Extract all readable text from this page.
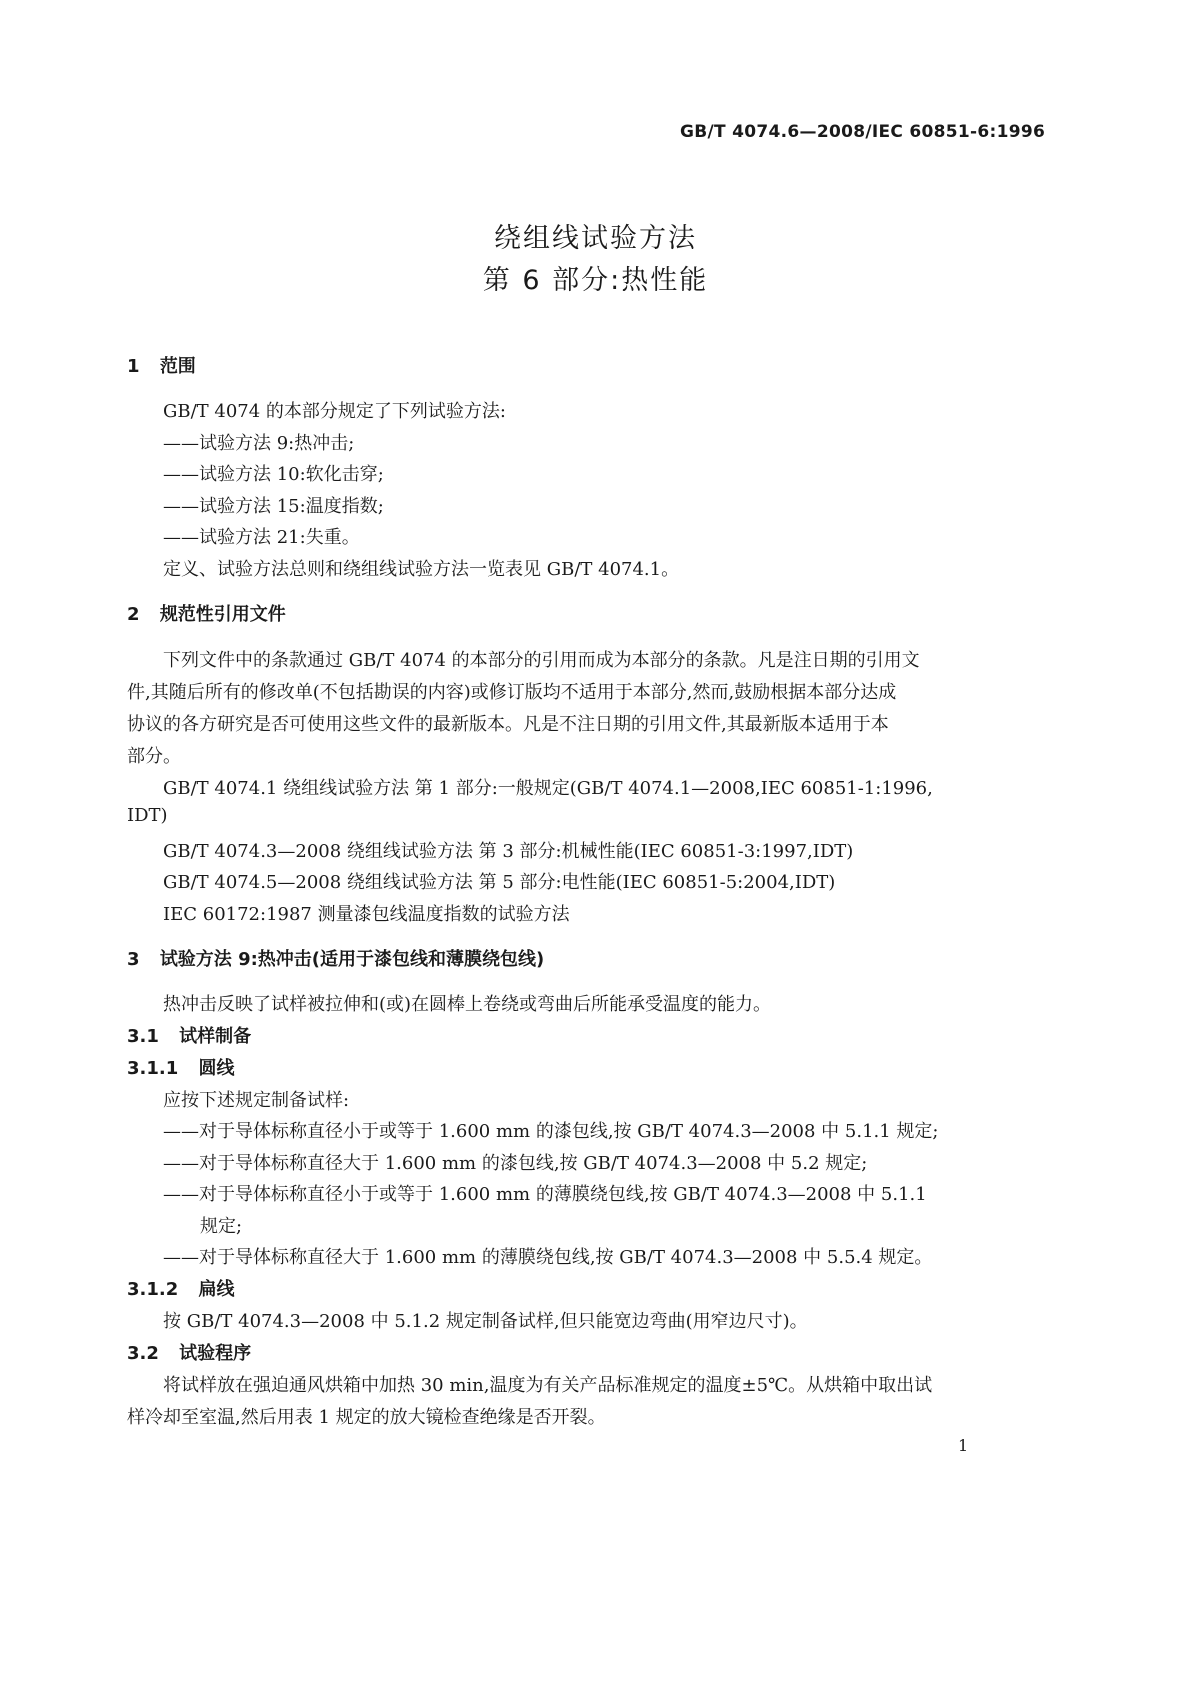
GB/T 4074.6—2008/IEC 60851-6:1996
绕组线试验方法
第 6 部分:热性能
1 范围
GB/T 4074 的本部分规定了下列试验方法:
——试验方法 9:热冲击;
——试验方法 10:软化击穿;
——试验方法 15:温度指数;
——试验方法 21:失重。
定义、试验方法总则和绕组线试验方法一览表见 GB/T 4074.1。
2 规范性引用文件
下列文件中的条款通过 GB/T 4074 的本部分的引用而成为本部分的条款。凡是注日期的引用文
件,其随后所有的修改单(不包括勘误的内容)或修订版均不适用于本部分,然而,鼓励根据本部分达成
协议的各方研究是否可使用这些文件的最新版本。凡是不注日期的引用文件,其最新版本适用于本
部分。
GB/T 4074.1 绕组线试验方法 第 1 部分:一般规定(GB/T 4074.1—2008,IEC 60851-1:1996,
IDT)
GB/T 4074.3—2008 绕组线试验方法 第 3 部分:机械性能(IEC 60851-3:1997,IDT)
GB/T 4074.5—2008 绕组线试验方法 第 5 部分:电性能(IEC 60851-5:2004,IDT)
IEC 60172:1987 测量漆包线温度指数的试验方法
3 试验方法 9:热冲击(适用于漆包线和薄膜绕包线)
热冲击反映了试样被拉伸和(或)在圆棒上卷绕或弯曲后所能承受温度的能力。
3.1 试样制备
3.1.1 圆线
应按下述规定制备试样:
——对于导体标称直径小于或等于 1.600 mm 的漆包线,按 GB/T 4074.3—2008 中 5.1.1 规定;
——对于导体标称直径大于 1.600 mm 的漆包线,按 GB/T 4074.3—2008 中 5.2 规定;
——对于导体标称直径小于或等于 1.600 mm 的薄膜绕包线,按 GB/T 4074.3—2008 中 5.1.1
规定;
——对于导体标称直径大于 1.600 mm 的薄膜绕包线,按 GB/T 4074.3—2008 中 5.5.4 规定。
3.1.2 扁线
按 GB/T 4074.3—2008 中 5.1.2 规定制备试样,但只能宽边弯曲(用窄边尺寸)。
3.2 试验程序
将试样放在强迫通风烘箱中加热 30 min,温度为有关产品标准规定的温度±5℃。从烘箱中取出试
样冷却至室温,然后用表 1 规定的放大镜检查绝缘是否开裂。
1
